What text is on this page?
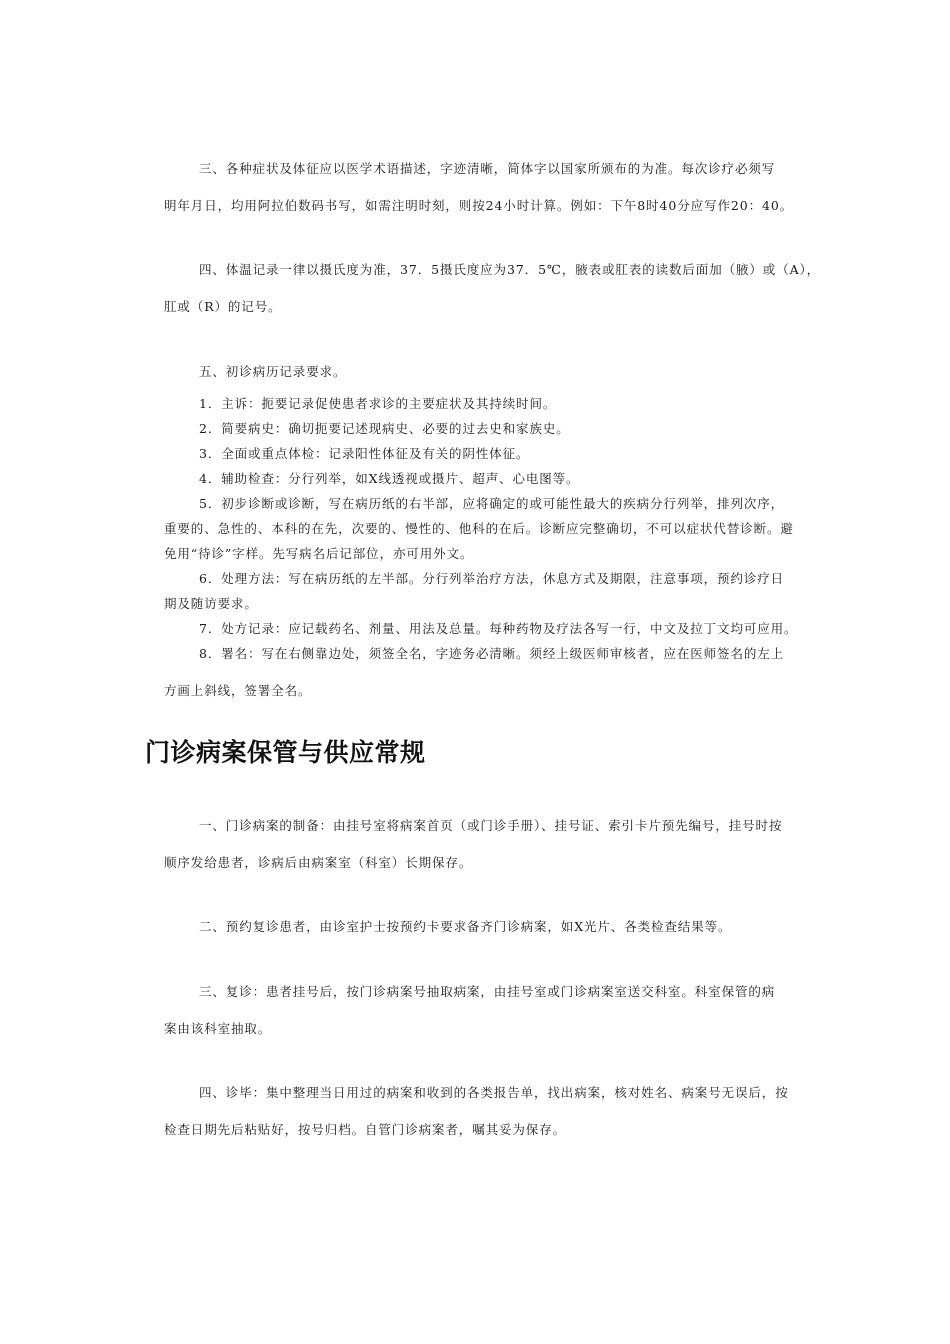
三、各种症状及体征应以医学术语描述，字迹清晰，简体字以国家所颁布的为准。每次诊疗必须写

明年月日，均用阿拉伯数码书写，如需注明时刻，则按24小时计算。例如：下午8时40分应写作20：40。

四、体温记录一律以摄氏度为准，37．5摄氏度应为37．5℃，腋表或肛表的读数后面加（腋）或（A），

肛或（R）的记号。

五、初诊病历记录要求。

1．主诉：扼要记录促使患者求诊的主要症状及其持续时间。

2．简要病史：确切扼要记述现病史、必要的过去史和家族史。

3．全面或重点体检：记录阳性体征及有关的阴性体征。

4．辅助检查：分行列举，如X线透视或摄片、超声、心电图等。

5．初步诊断或诊断，写在病历纸的右半部，应将确定的或可能性最大的疾病分行列举，排列次序，

重要的、急性的、本科的在先，次要的、慢性的、他科的在后。诊断应完整确切，不可以症状代替诊断。避

免用“待诊”字样。先写病名后记部位，亦可用外文。

6．处理方法：写在病历纸的左半部。分行列举治疗方法，休息方式及期限，注意事项，预约诊疗日

期及随访要求。

7．处方记录：应记载药名、剂量、用法及总量。每种药物及疗法各写一行，中文及拉丁文均可应用。

8．署名：写在右侧靠边处，须签全名，字迹务必清晰。须经上级医师审核者，应在医师签名的左上

方画上斜线，签署全名。

门诊病案保管与供应常规

一、门诊病案的制备：由挂号室将病案首页（或门诊手册）、挂号证、索引卡片预先编号，挂号时按

顺序发给患者，诊病后由病案室（科室）长期保存。

二、预约复诊患者，由诊室护士按预约卡要求备齐门诊病案，如X光片、各类检查结果等。

三、复诊：患者挂号后，按门诊病案号抽取病案，由挂号室或门诊病案室送交科室。科室保管的病

案由该科室抽取。

四、诊毕：集中整理当日用过的病案和收到的各类报告单，找出病案，核对姓名、病案号无误后，按

检查日期先后粘贴好，按号归档。自管门诊病案者，嘱其妥为保存。
